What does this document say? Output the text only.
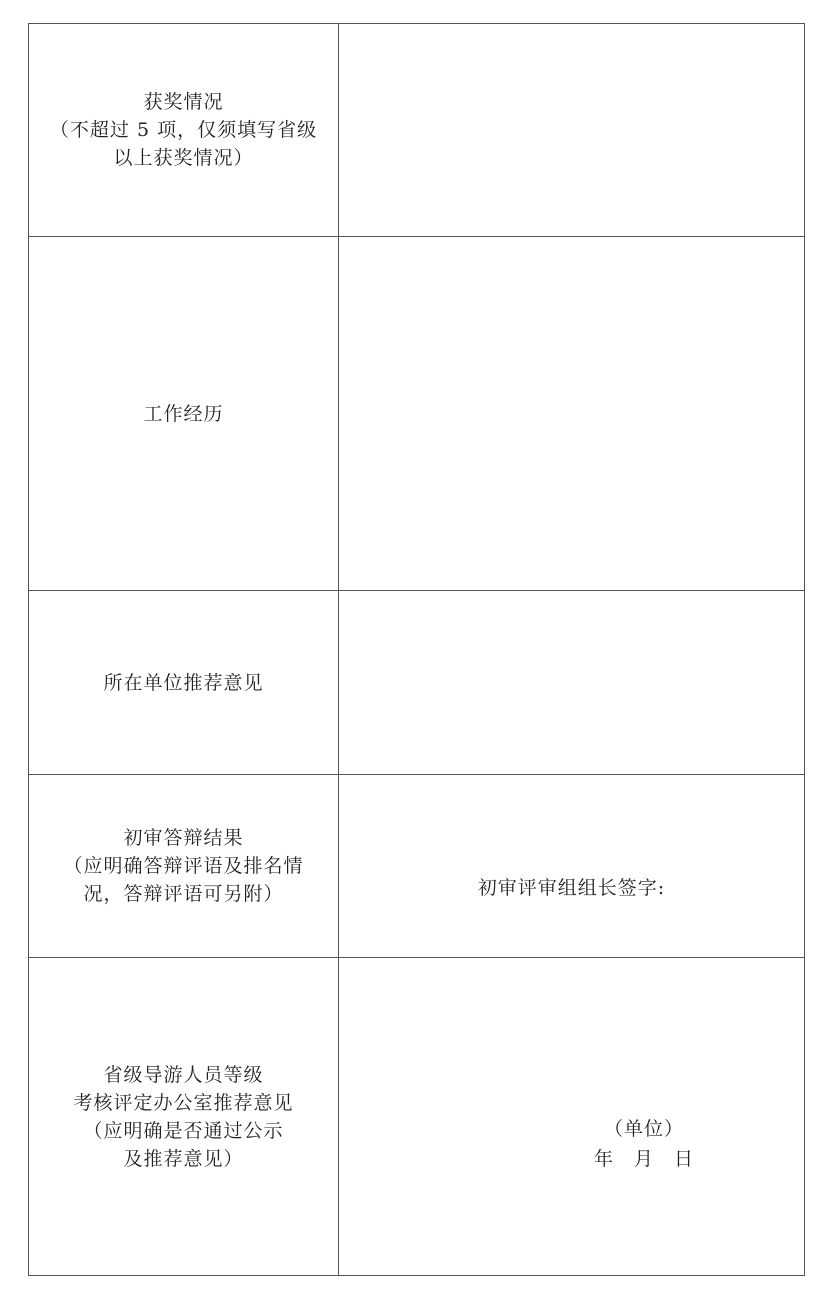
获奖情况
（不超过 5 项，仅须填写省级
以上获奖情况）	

工作经历	

所在单位推荐意见	

初审答辩结果
（应明确答辩评语及排名情
况，答辩评语可另附）	初审评审组组长签字:

省级导游人员等级
考核评定办公室推荐意见
（应明确是否通过公示
及推荐意见）	（单位）
年　月　日
